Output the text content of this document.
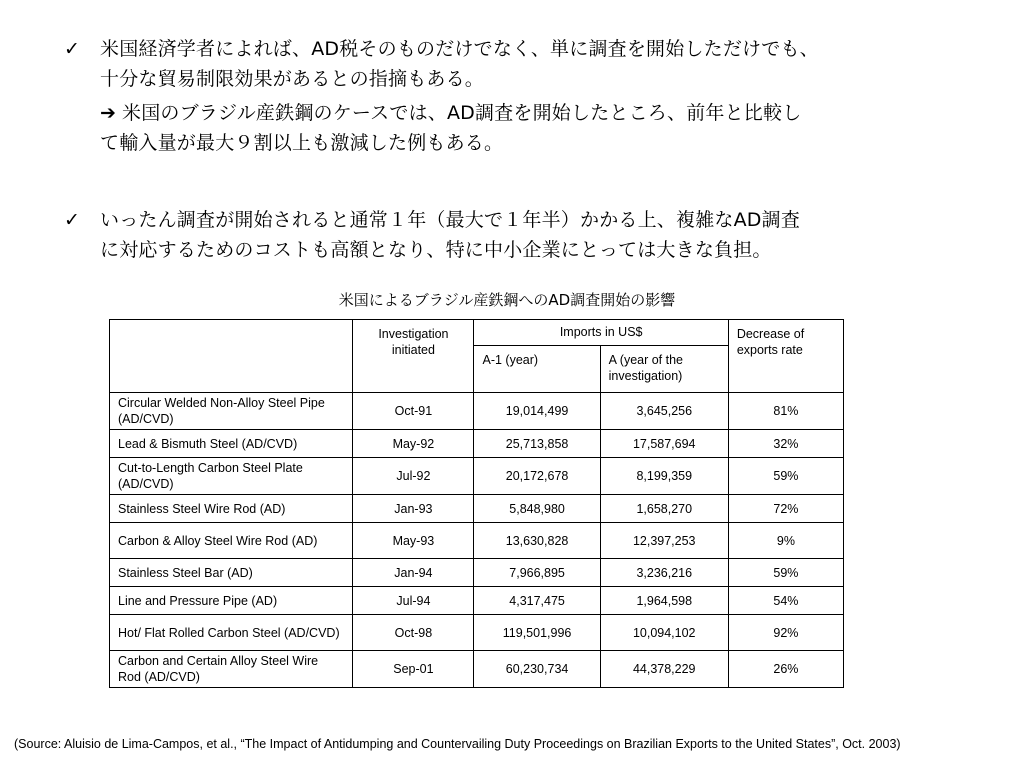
✓	米国経済学者によれば、AD税そのものだけでなく、単に調査を開始しただけでも、
十分な貿易制限効果があるとの指摘もある。
➔ 米国のブラジル産鉄鋼のケースでは、AD調査を開始したところ、前年と比較し
て輸入量が最大９割以上も激減した例もある。
✓	いったん調査が開始されると通常１年（最大で１年半）かかる上、複雑なAD調査
に対応するためのコストも高額となり、特に中小企業にとっては大きな負担。
米国によるブラジル産鉄鋼へのAD調査開始の影響
	Investigation initiated	Imports in US$		Decrease of exports rate
		A-1 (year)	A (year of the investigation)	
Circular Welded Non-Alloy Steel Pipe (AD/CVD)	Oct-91	19,014,499	3,645,256	81%
Lead & Bismuth Steel (AD/CVD)	May-92	25,713,858	17,587,694	32%
Cut-to-Length Carbon Steel Plate (AD/CVD)	Jul-92	20,172,678	8,199,359	59%
Stainless Steel Wire Rod (AD)	Jan-93	5,848,980	1,658,270	72%
Carbon & Alloy Steel Wire Rod (AD)	May-93	13,630,828	12,397,253	9%
Stainless Steel Bar (AD)	Jan-94	7,966,895	3,236,216	59%
Line and Pressure Pipe (AD)	Jul-94	4,317,475	1,964,598	54%
Hot/ Flat Rolled Carbon Steel (AD/CVD)	Oct-98	119,501,996	10,094,102	92%
Carbon and Certain Alloy Steel Wire Rod (AD/CVD)	Sep-01	60,230,734	44,378,229	26%
(Source: Aluisio de Lima-Campos, et al., “The Impact of Antidumping and Countervailing Duty Proceedings on Brazilian Exports to the United States”, Oct. 2003)
